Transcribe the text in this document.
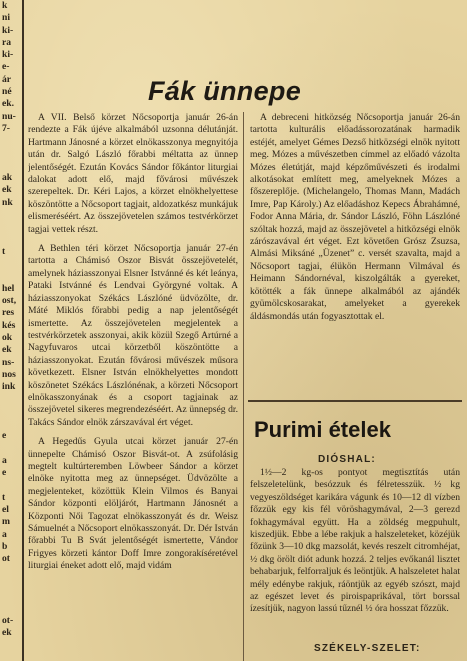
k
ni
ki-
ra
ki-
e-
ár
né
ek.
nu-
7-

ak
ek
nk

t

hel
ost,
res
kés
ok
ek
ns-
nos
ink

e

a
e

t
el
m
a
b
ot

ot-
ek
Fák ünnepe

A VII. Belső körzet Nőcsoportja január 26-án rendezte a Fák újéve alkalmából uzsonna délutánját. Hartmann Jánosné a körzet elnökasszonya megnyitója után dr. Salgó László főrabbi méltatta az ünnep jelentőségét. Ezután Kovács Sándor főkántor liturgiai dalokat adott elő, majd fővárosi művészek szerepeltek. Dr. Kéri Lajos, a körzet elnökhelyettese köszöntötte a Nőcsoport tagjait, aldozatkész munkájuk elismeréséért. Az összejövetelen számos testvérkörzet tagjai vettek részt.

A Bethlen téri körzet Nőcsoportja január 27-én tartotta a Chámisó Oszor Bisvát összejövetelét, amelynek háziasszonyai Elsner Istvánné és két leánya, Pataki Istvánné és Lendvai Györgyné voltak. A háziasszonyokat Székács Lászlóné üdvözölte, dr. Máté Miklós főrabbi pedig a nap jelentőségét ismertette. Az összejövetelen megjelentek a testvérkörzetek asszonyai, akik közül Szegő Artúrné a Nagyfuvaros utcai körzetből köszöntötte a háziasszonyokat. Ezután fővárosi művészek műsora következett. Elsner István elnökhelyettes mondott köszönetet Székács Lászlónénak, a körzeti Nőcsoport elnökasszonyának és a csoport tagjainak az összejövetel sikeres megrendezéséért. Az ünnepség dr. Takács Sándor elnök zárszavával ért véget.

A Hegedűs Gyula utcai körzet január 27-én ünnepelte Chámisó Oszor Bisvát-ot. A zsúfolásig megtelt kultúrteremben Löwbeer Sándor a körzet elnöke nyitotta meg az ünnepséget. Üdvözölte a megjelenteket, közöttük Klein Vilmos és Banyai Sándor központi elöljárót, Hartmann Jánosnét a Központi Női Tagozat elnökasszonyát és dr. Weisz Sámuelnét a Nőcsoport elnökasszonyát. Dr. Dér István főrabbi Tu B Svát jelentőségét ismertette, Vándor Frigyes körzeti kántor Doff Imre zongorakíséretével liturgiai éneket adott elő, majd vidám

A debreceni hitközség Nőcsoportja január 26-án tartotta kulturális előadássorozatának harmadik estéjét, amelyet Gémes Dezső hitközségi elnök nyitott meg. Mózes a művészetben címmel az előadó vázolta Mózes életútját, majd képzőművészeti és irodalmi alkotásokat említett meg, amelyeknek Mózes a főszereplője. (Michelangelo, Thomas Mann, Madách Imre, Pap Károly.) Az előadáshoz Kepecs Ábrahámné, Fodor Anna Mária, dr. Sándor László, Föhn Lászlóné szóltak hozzá, majd az összejövetel a hitközségi elnök zárószavával ért véget. Ezt követően Grósz Zsuzsa, Almási Miksáné „Üzenet” c. versét szavalta, majd a Nőcsoport tagjai, élükön Hermann Vilmával és Heimann Sándornéval, kiszolgálták a gyereket, kötötték a fák ünnepe alkalmából az ajándék gyümölcskosarakat, amelyeket a gyerekek áldásmondás után fogyasztottak el.

Purimi ételek
DIÓSHAL:

1½—2 kg-os pontyot megtisztítás után felszeletelünk, besózzuk és félretesszük. ½ kg vegyeszöldséget karikára vágunk és 10—12 dl vízben főzzük egy kis fél vöröshagymával, 2—3 gerezd fokhagymával együtt. Ha a zöldség megpuhult, kiszedjük. Ebbe a lébe rakjuk a halszeleteket, közéjük főzünk 3—10 dkg mazsolát, kevés reszelt citromhéjat, ½ dkg örölt diót adunk hozzá. 2 teljes evőkanál lisztet behabarjuk, felforraljuk és leöntjük. A halszeletet halat mély edénybe rakjuk, ráöntjük az egyéb szószt, majd az egészet levet és piroispaprikával, tört borssal ízesítjük, nagyon lassú tűznél ½ óra hosszat főzzük.

SZÉKELY-SZELET:
